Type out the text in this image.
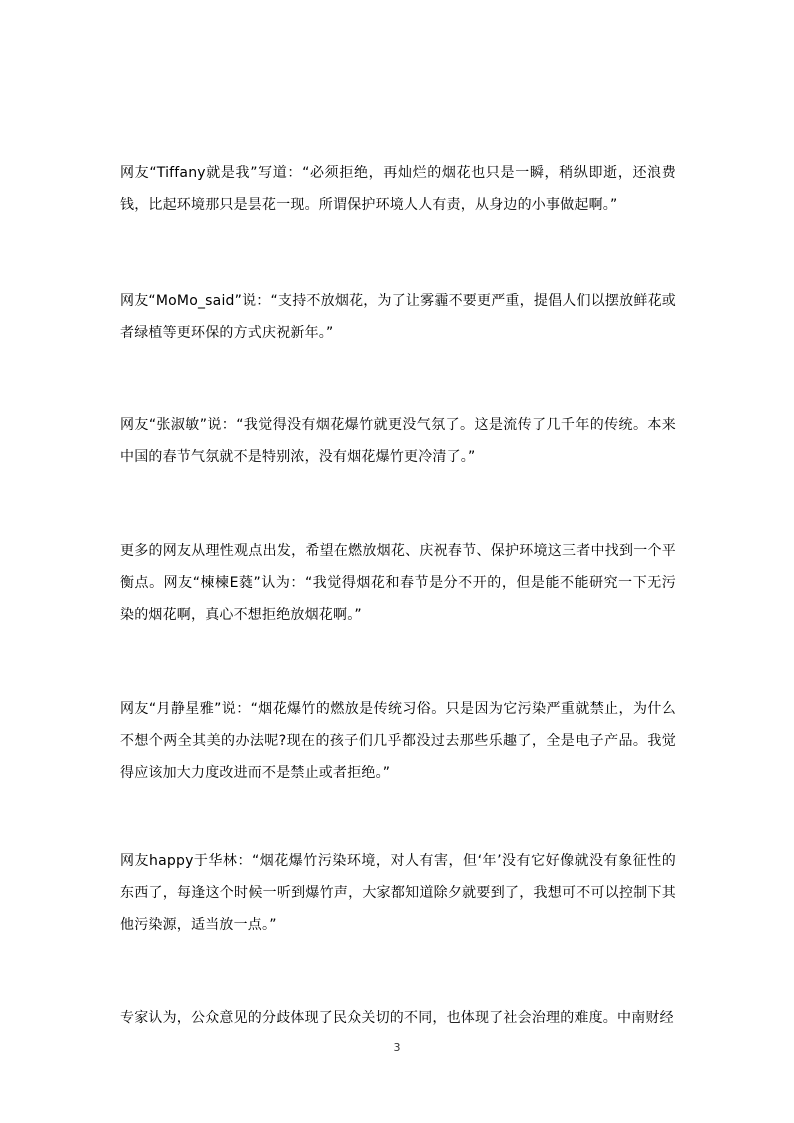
网友“Tiffany就是我”写道：“必须拒绝，再灿烂的烟花也只是一瞬，稍纵即逝，还浪费钱，比起环境那只是昙花一现。所谓保护环境人人有责，从身边的小事做起啊。”

网友“MoMo_said”说：“支持不放烟花，为了让雾霾不要更严重，提倡人们以摆放鲜花或者绿植等更环保的方式庆祝新年。”

网友“张淑敏”说：“我觉得没有烟花爆竹就更没气氛了。这是流传了几千年的传统。本来中国的春节气氛就不是特别浓，没有烟花爆竹更冷清了。”

更多的网友从理性观点出发，希望在燃放烟花、庆祝春节、保护环境这三者中找到一个平衡点。网友“楝楝E蕤”认为：“我觉得烟花和春节是分不开的，但是能不能研究一下无污染的烟花啊，真心不想拒绝放烟花啊。”

网友“月静星雅”说：“烟花爆竹的燃放是传统习俗。只是因为它污染严重就禁止，为什么不想个两全其美的办法呢?现在的孩子们几乎都没过去那些乐趣了，全是电子产品。我觉得应该加大力度改进而不是禁止或者拒绝。”

网友happy于华林：“烟花爆竹污染环境，对人有害，但‘年’没有它好像就没有象征性的东西了，每逢这个时候一听到爆竹声，大家都知道除夕就要到了，我想可不可以控制下其他污染源，适当放一点。”

专家认为，公众意见的分歧体现了民众关切的不同，也体现了社会治理的难度。中南财经

3
